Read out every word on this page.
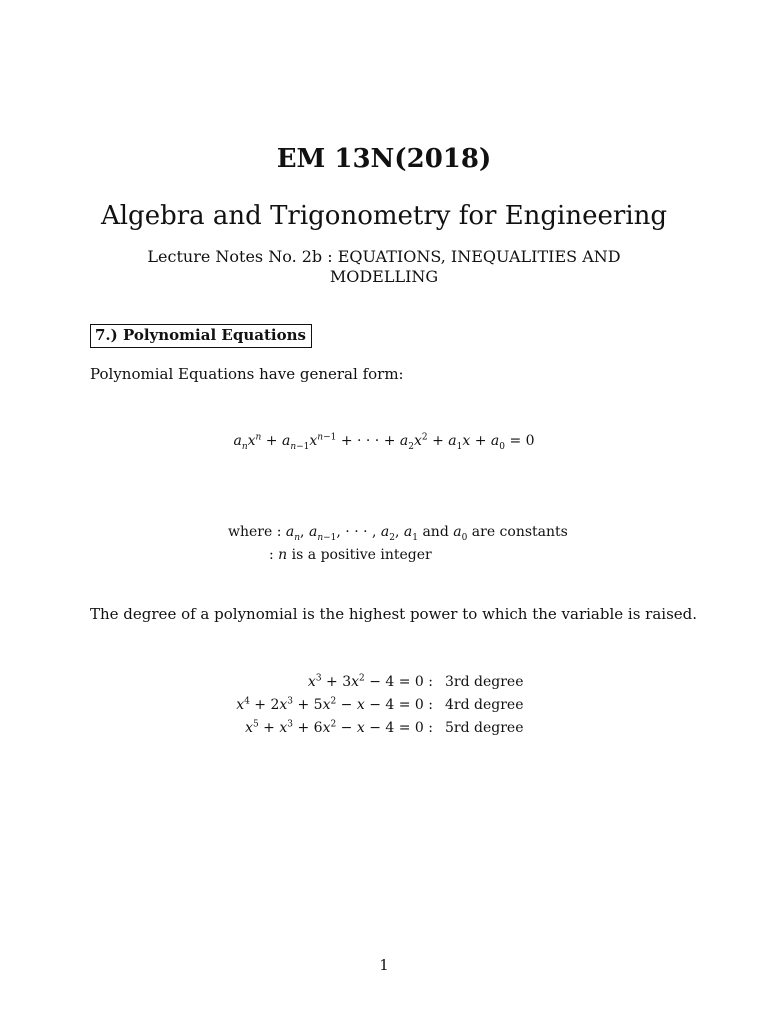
EM 13N(2018)
Algebra and Trigonometry for Engineering
Lecture Notes No. 2b : EQUATIONS, INEQUALITIES AND
MODELLING
7.) Polynomial Equations
Polynomial Equations have general form:
$a_nx^n + a_{n-1}x^{n-1}$ + · · · + $a_2x^2 + a_1x + a_0 = 0$
where : $a_n$, $a_{n-1}$, · · · , $a_2$, $a_1$ and $a_0$ are constants
: n is a positive integer
The degree of a polynomial is the highest power to which the variable is raised.
$x^3 + 3x^2 - 4 = 0$ : 3rd degree
$x^4 + 2x^3 + 5x^2 - x - 4 = 0$ : 4rd degree
$x^5 + x^3 + 6x^2 - x - 4 = 0$ : 5rd degree
1
